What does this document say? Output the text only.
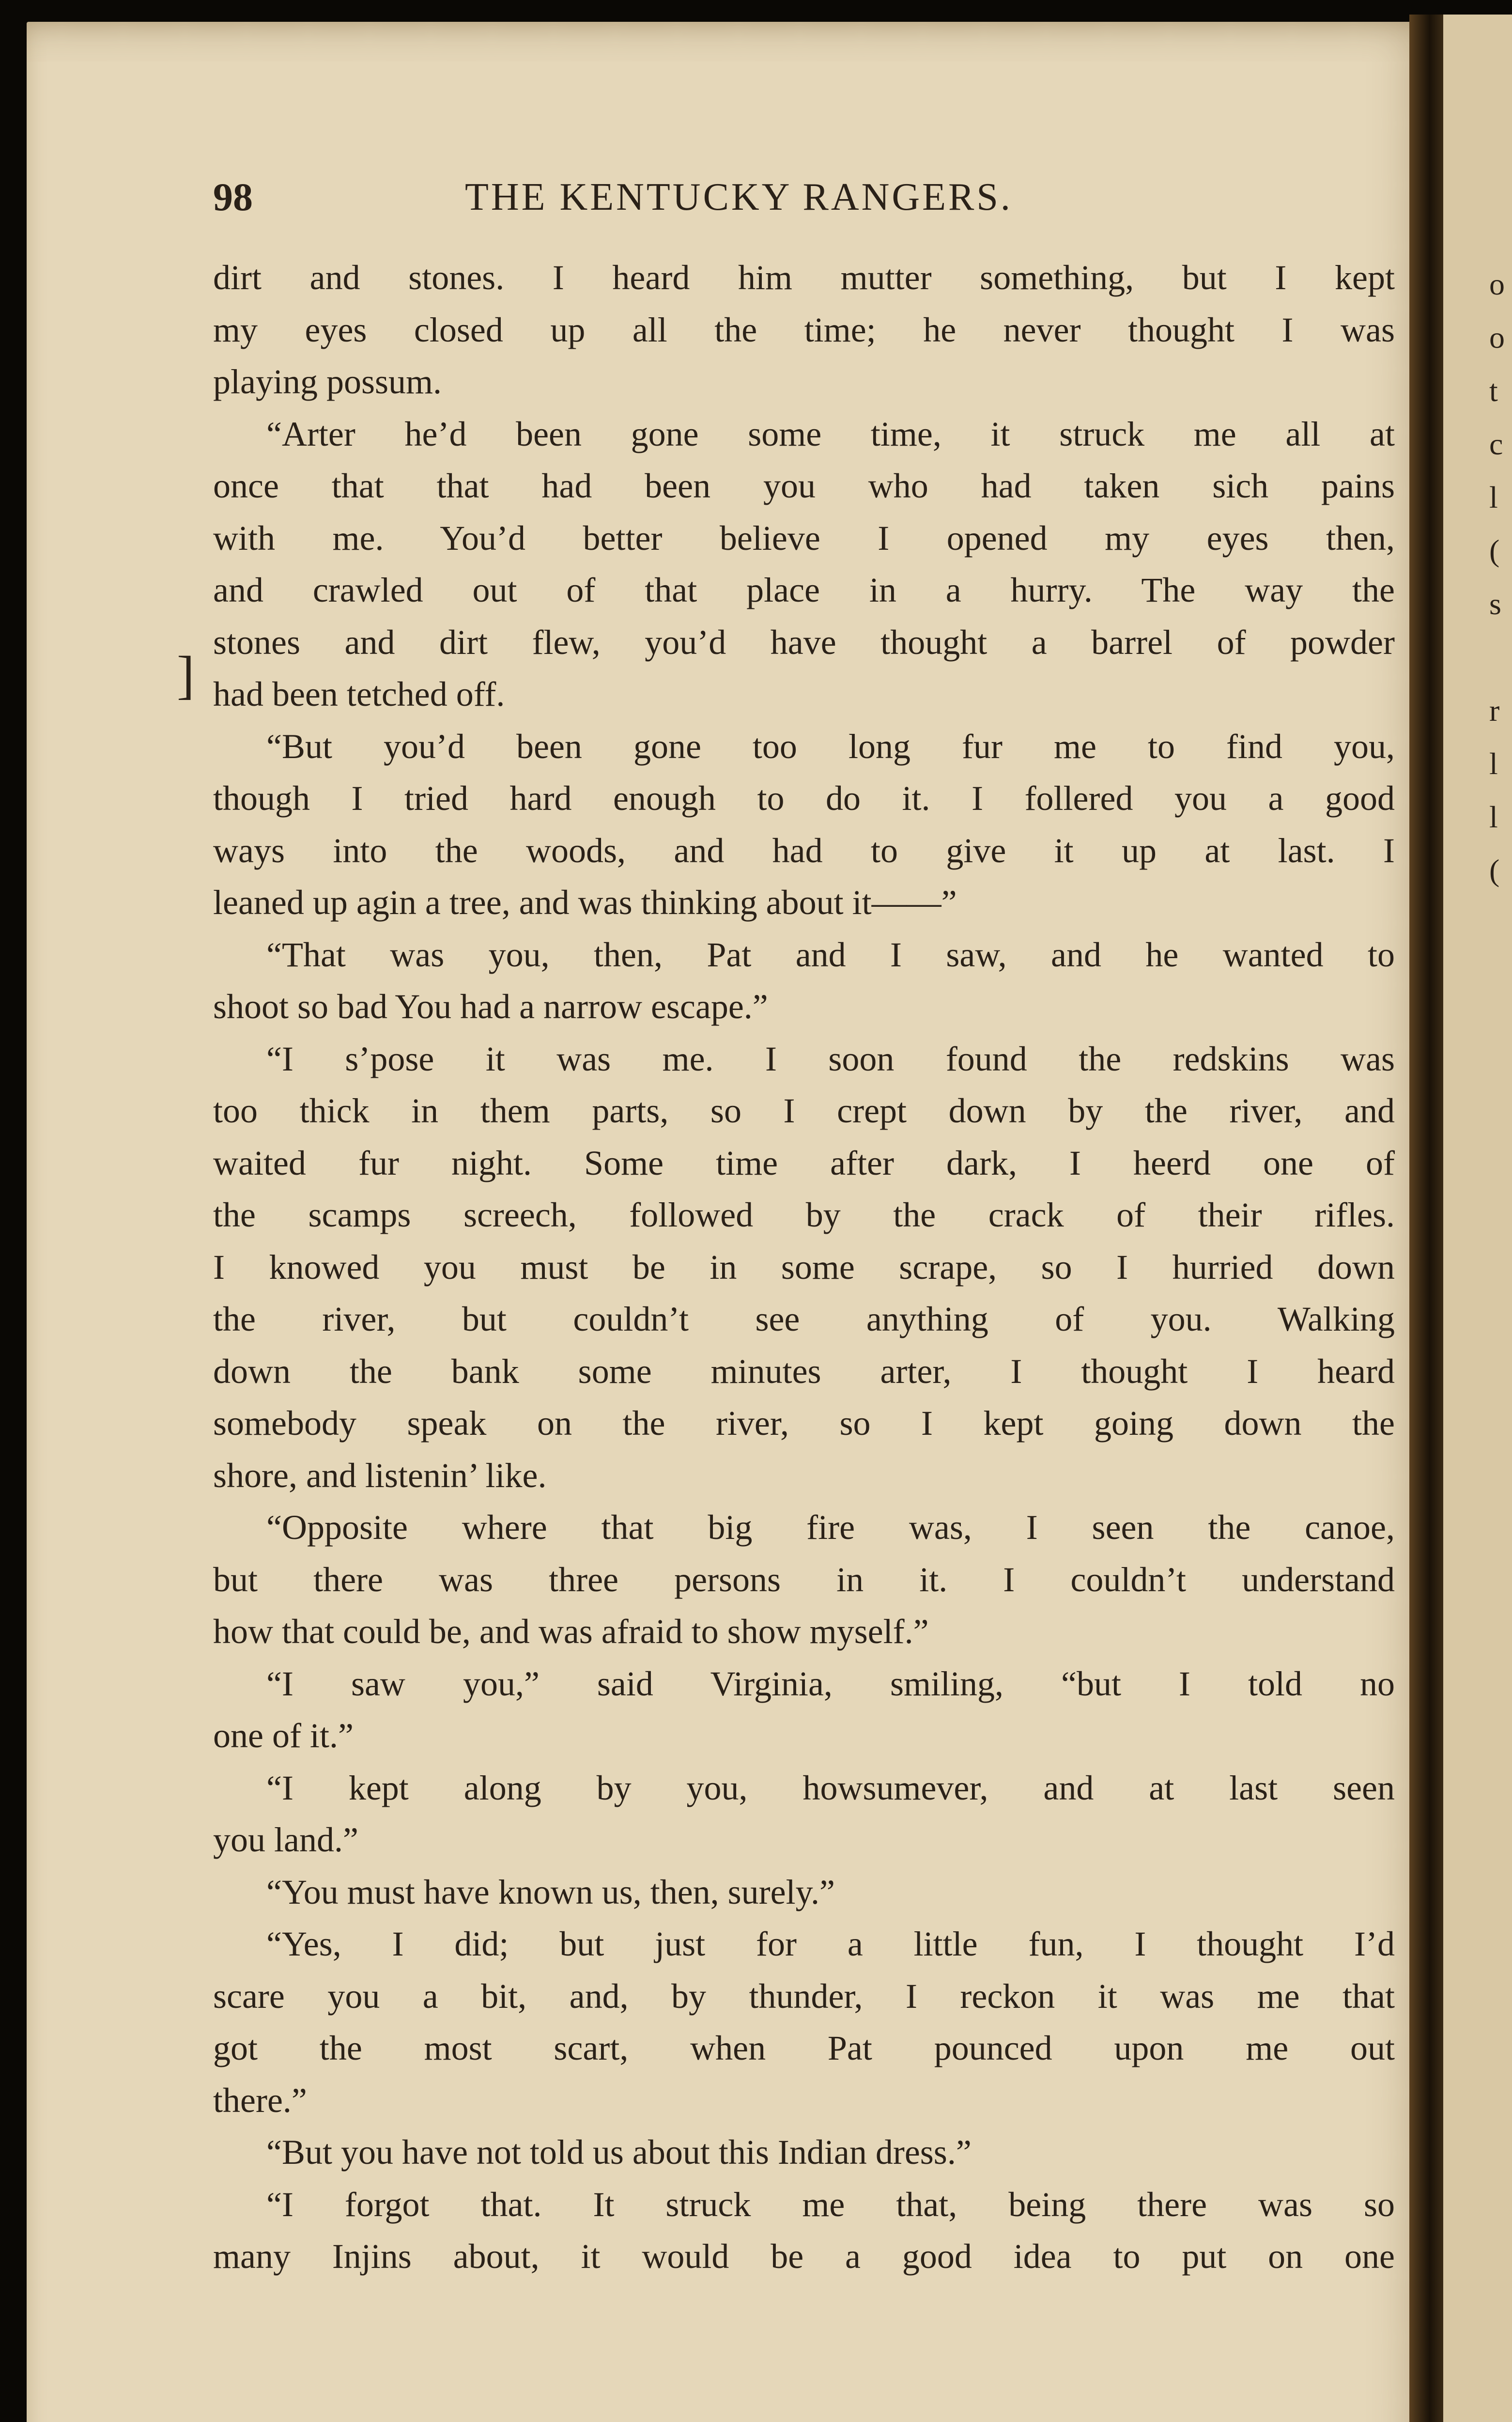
o
o
t
c
l
(
s
r
l
l
(
98	THE KENTUCKY RANGERS.
]

dirt and stones. I heard him mutter something, but I kept
my eyes closed up all the time; he never thought I was
playing possum.
“Arter he’d been gone some time, it struck me all at
once that that had been you who had taken sich pains
with me. You’d better believe I opened my eyes then,
and crawled out of that place in a hurry. The way the
stones and dirt flew, you’d have thought a barrel of powder
had been tetched off.
“But you’d been gone too long fur me to find you,
though I tried hard enough to do it. I follered you a good
ways into the woods, and had to give it up at last. I
leaned up agin a tree, and was thinking about it——”
“That was you, then, Pat and I saw, and he wanted to
shoot so bad You had a narrow escape.”
“I s’pose it was me. I soon found the redskins was
too thick in them parts, so I crept down by the river, and
waited fur night. Some time after dark, I heerd one of
the scamps screech, followed by the crack of their rifles.
I knowed you must be in some scrape, so I hurried down
the river, but couldn’t see anything of you. Walking
down the bank some minutes arter, I thought I heard
somebody speak on the river, so I kept going down the
shore, and listenin’ like.
“Opposite where that big fire was, I seen the canoe,
but there was three persons in it. I couldn’t understand
how that could be, and was afraid to show myself.”
“I saw you,” said Virginia, smiling, “but I told no
one of it.”
“I kept along by you, howsumever, and at last seen
you land.”
“You must have known us, then, surely.”
“Yes, I did; but just for a little fun, I thought I’d
scare you a bit, and, by thunder, I reckon it was me that
got the most scart, when Pat pounced upon me out
there.”
“But you have not told us about this Indian dress.”
“I forgot that. It struck me that, being there was so
many Injins about, it would be a good idea to put on one
